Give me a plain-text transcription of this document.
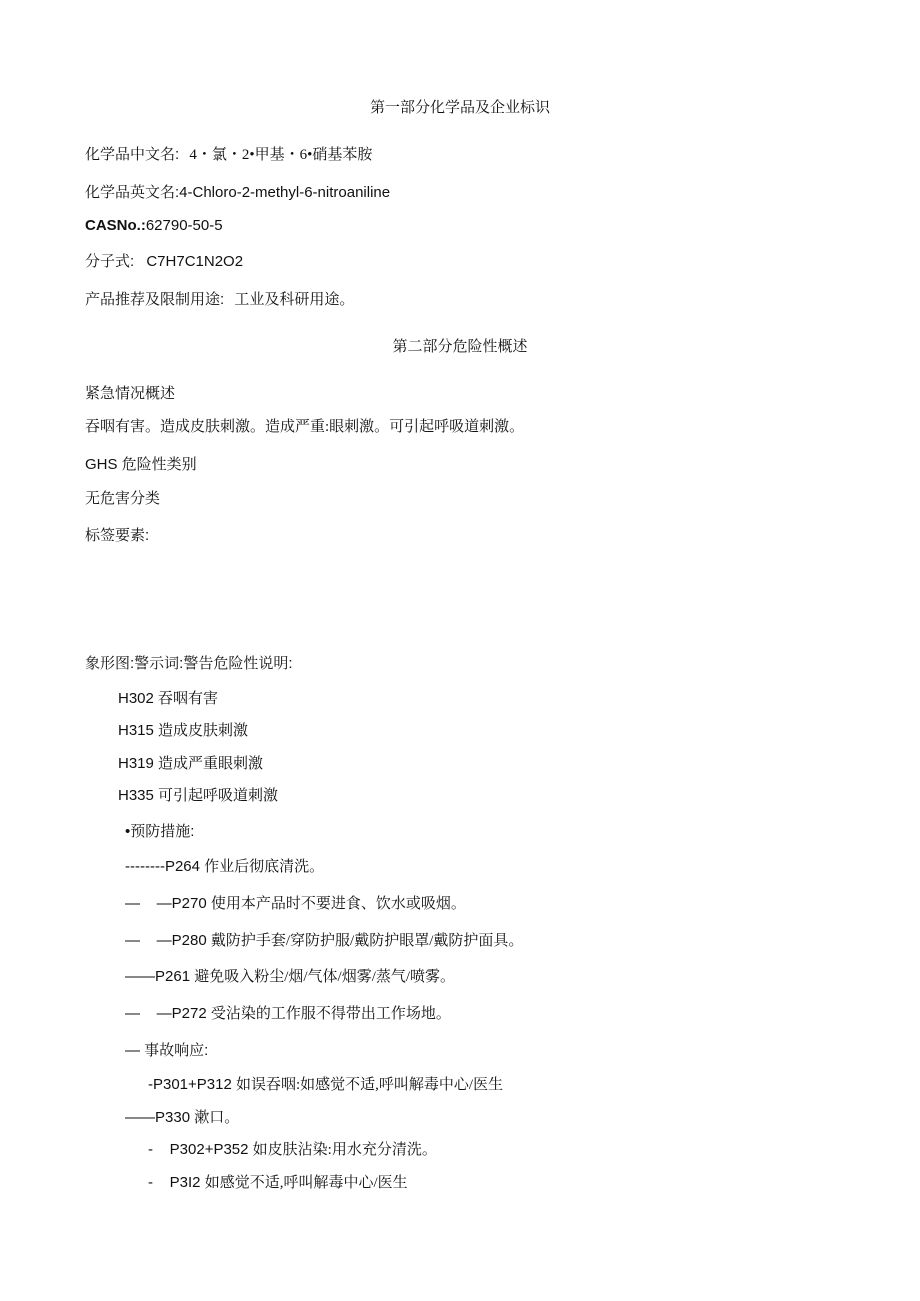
第一部分化学品及企业标识
化学品中文名: 4・氯・2•甲基・6•硝基苯胺
化学品英文名:4-Chloro-2-methyl-6-nitroaniline
CASNo.:62790-50-5
分子式: C7H7C1N2O2
产品推荐及限制用途: 工业及科研用途。
第二部分危险性概述
紧急情况概述
吞咽有害。造成皮肤刺激。造成严重:眼刺激。可引起呼吸道刺激。
GHS 危险性类别
无危害分类
标签要素:
象形图:警示词:警告危险性说明:
H302 吞咽有害
H315 造成皮肤刺激
H319 造成严重眼刺激
H335 可引起呼吸道刺激
•预防措施:
--------P264 作业后彻底清洗。
—    —P270 使用本产品时不要进食、饮水或吸烟。
—    —P280 戴防护手套/穿防护服/戴防护眼罩/戴防护面具。
——P261 避免吸入粉尘/烟/气体/烟雾/蒸气/喷雾。
—    —P272 受沾染的工作服不得带出工作场地。
— 事故响应:
-P301+P312 如误吞咽:如感觉不适,呼叫解毒中心/医生
——P330 漱口。
-    P302+P352 如皮肤沾染:用水充分清洗。
-    P3I2 如感觉不适,呼叫解毒中心/医生
